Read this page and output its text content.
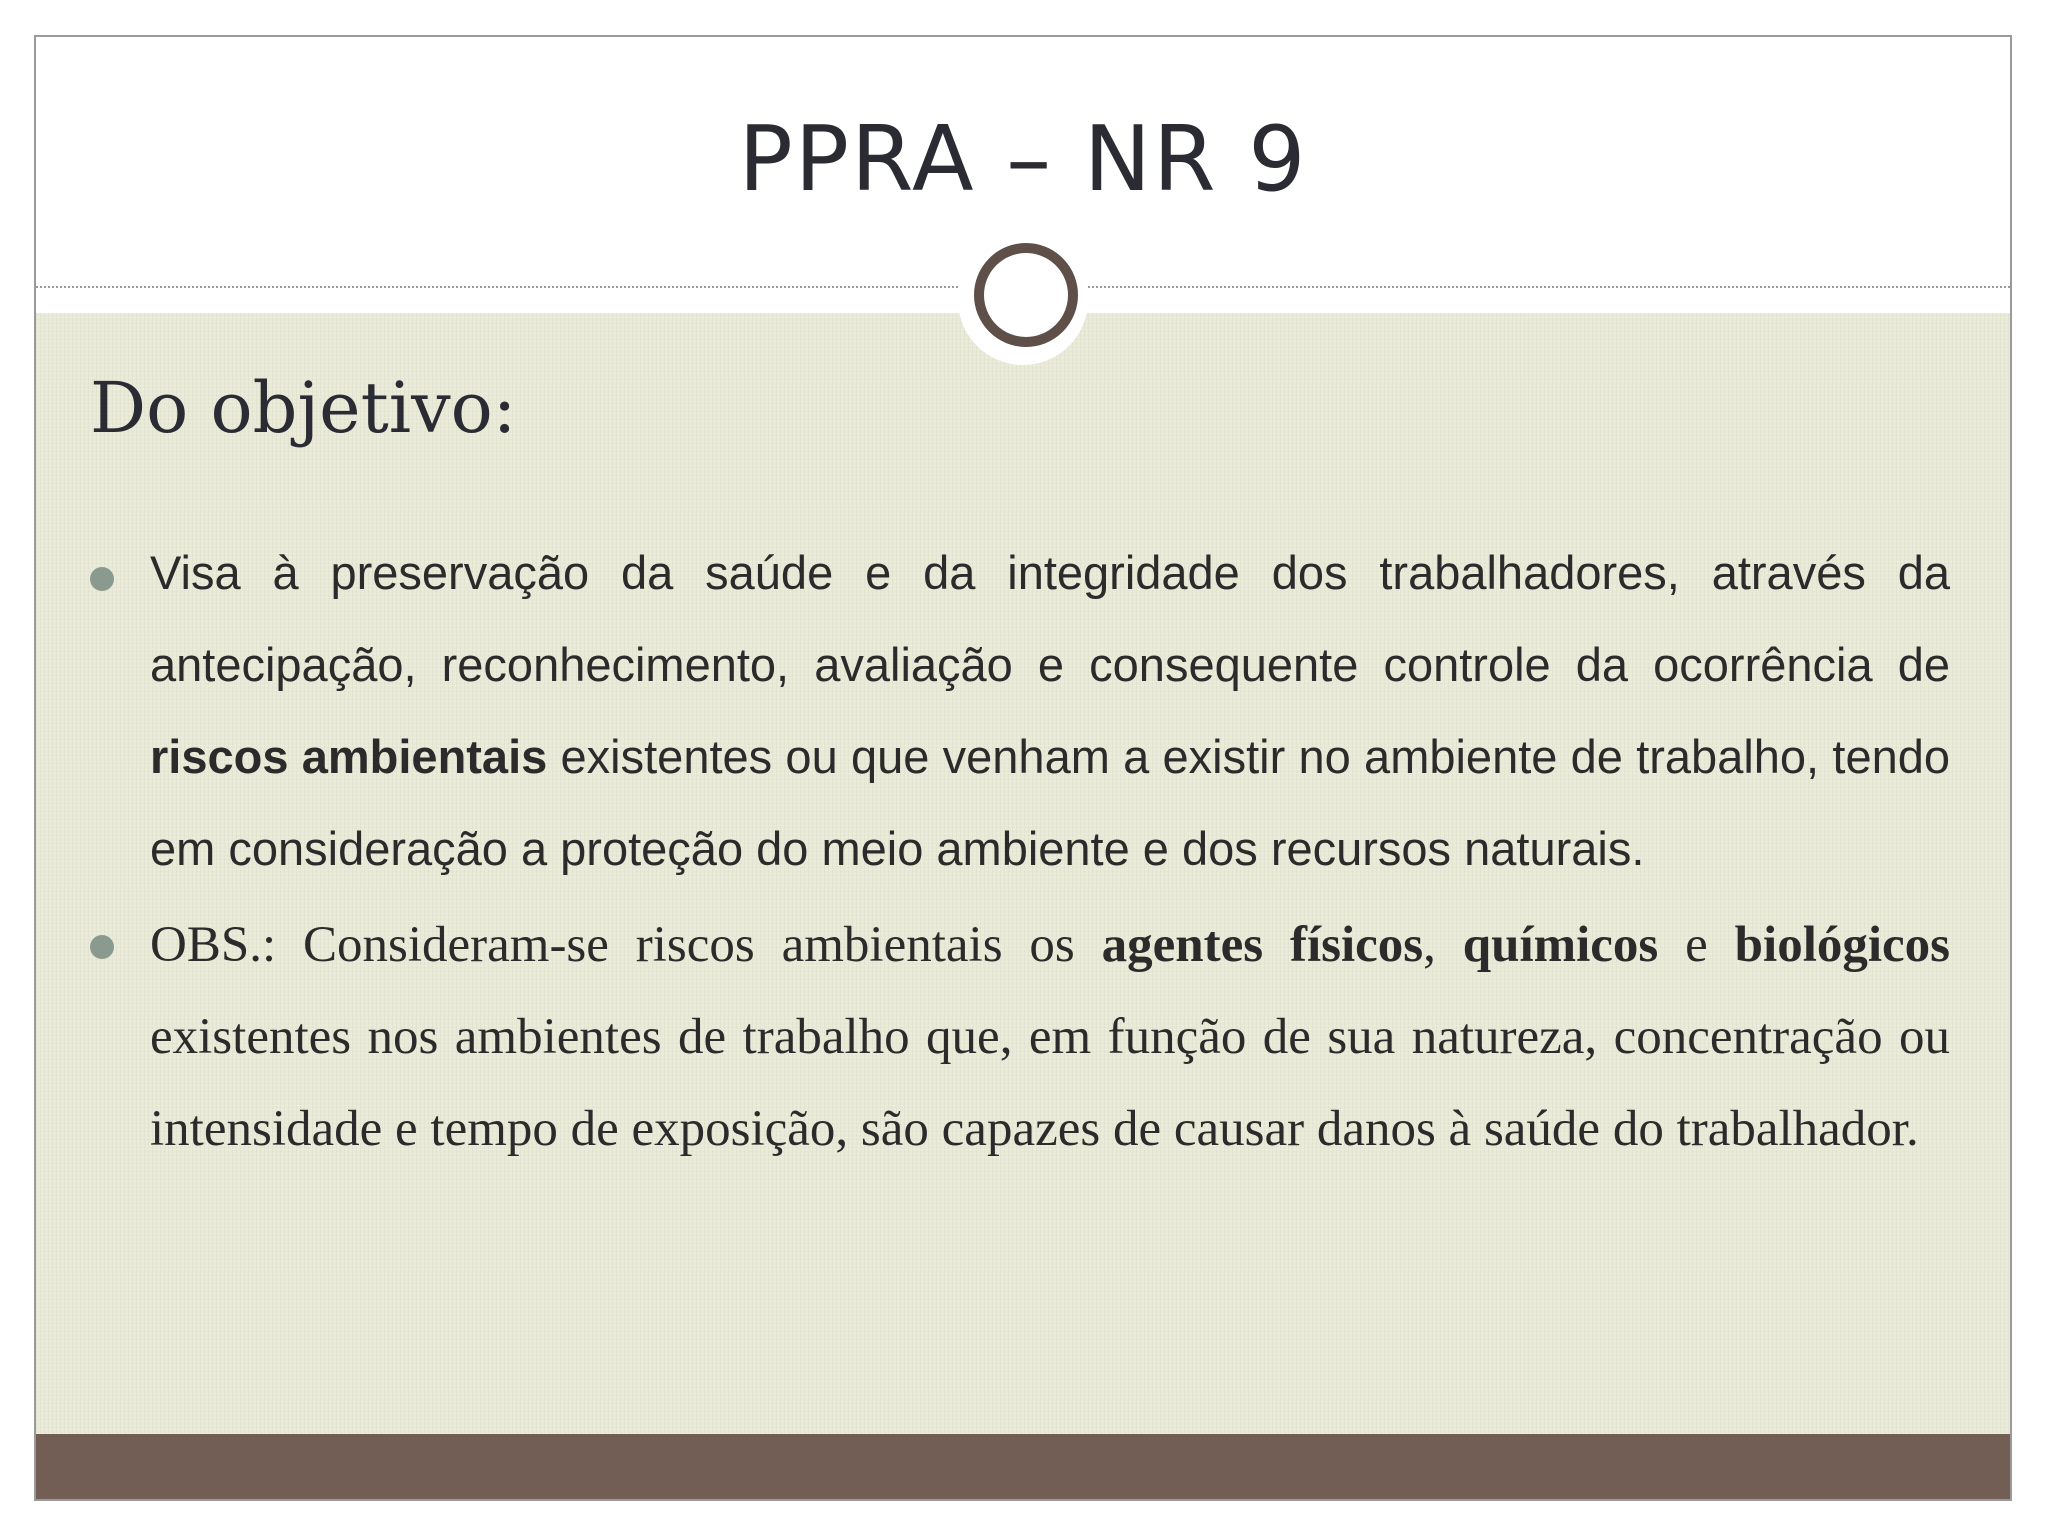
PPRA – NR 9
Do objetivo:
Visa à preservação da saúde e da integridade dos trabalhadores, através da antecipação, reconhecimento, avaliação e consequente controle da ocorrência de riscos ambientais existentes ou que venham a existir no ambiente de trabalho, tendo em consideração a proteção do meio ambiente e dos recursos naturais.
OBS.: Consideram-se riscos ambientais os agentes físicos, químicos e biológicos existentes nos ambientes de trabalho que, em função de sua natureza, concentração ou intensidade e tempo de exposição, são capazes de causar danos à saúde do trabalhador.
